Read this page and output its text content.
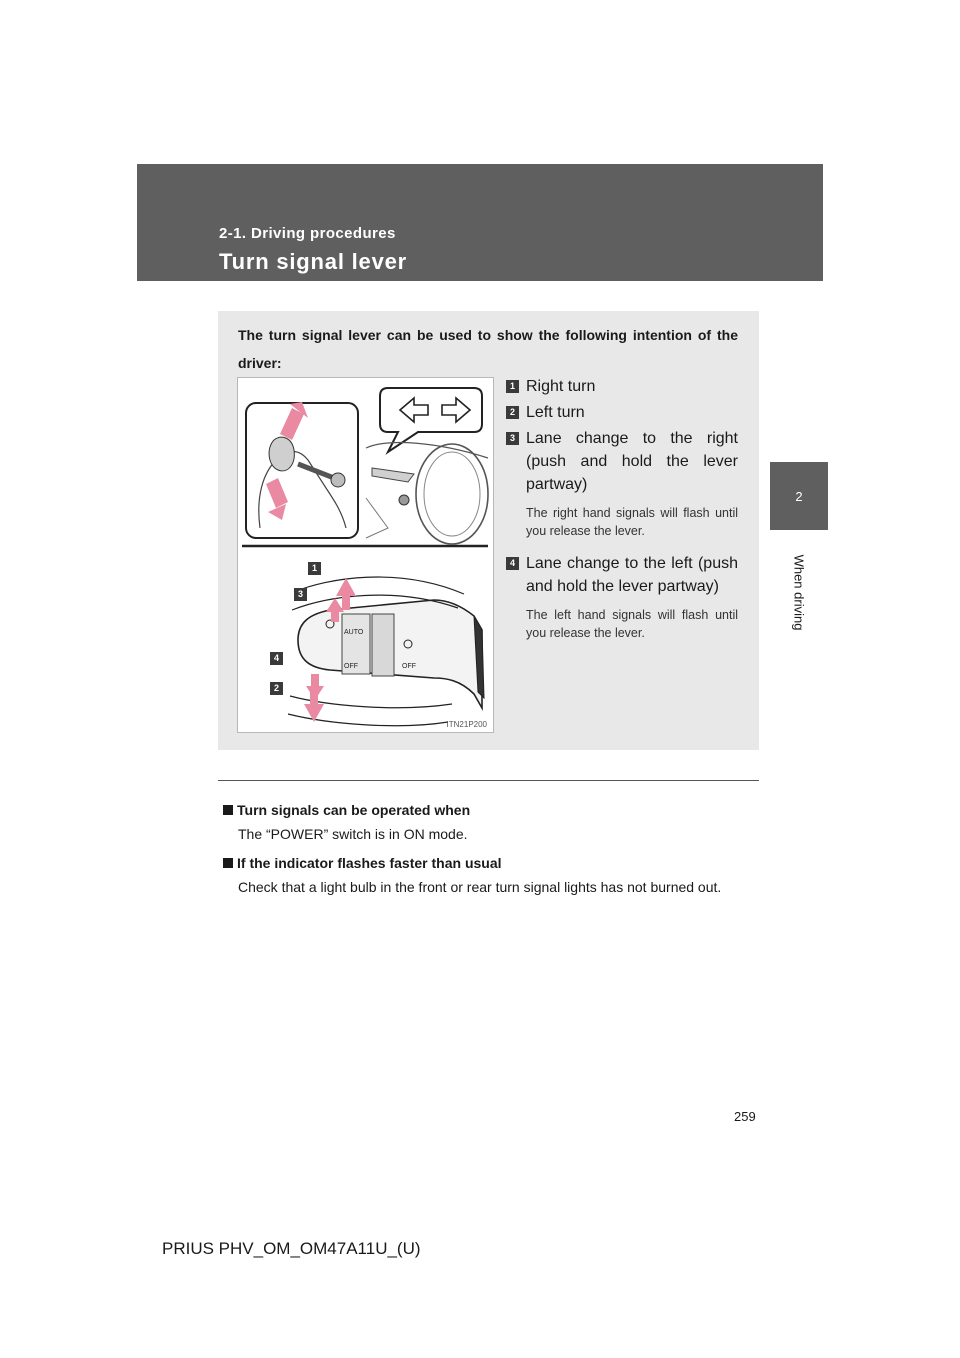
2-1. Driving procedures
Turn signal lever
2
When driving
The turn signal lever can be used to show the following intention of the driver:
AUTO
OFF	OFF
1
3
4
2
ITN21P200
1 Right turn
2 Left turn
3 Lane change to the right (push and hold the lever partway)
The right hand signals will flash until you release the lever.
4 Lane change to the left (push and hold the lever partway)
The left hand signals will flash until you release the lever.
Turn signals can be operated when
The “POWER” switch is in ON mode.
If the indicator flashes faster than usual
Check that a light bulb in the front or rear turn signal lights has not burned out.
259
PRIUS PHV_OM_OM47A11U_(U)
